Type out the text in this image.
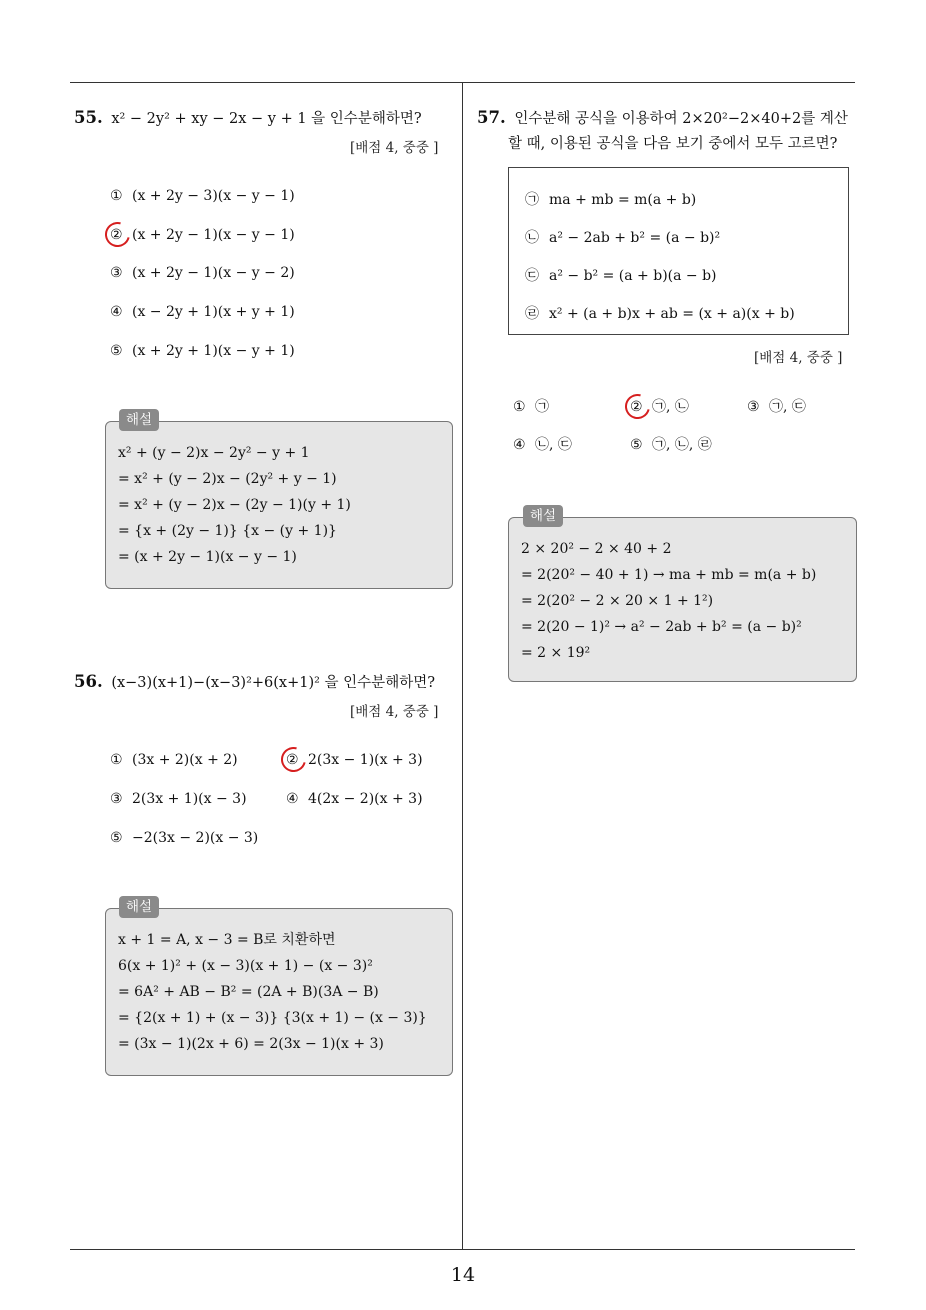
55. x² − 2y² + xy − 2x − y + 1 을 인수분해하면?
[배점 4, 중중 ]
① (x + 2y − 3)(x − y − 1)
② (x + 2y − 1)(x − y − 1)
③ (x + 2y − 1)(x − y − 2)
④ (x − 2y + 1)(x + y + 1)
⑤ (x + 2y + 1)(x − y + 1)
x² + (y − 2)x − 2y² − y + 1
= x² + (y − 2)x − (2y² + y − 1)
= x² + (y − 2)x − (2y − 1)(y + 1)
= {x + (2y − 1)} {x − (y + 1)}
= (x + 2y − 1)(x − y − 1)
해설
56. (x−3)(x+1)−(x−3)²+6(x+1)² 을 인수분해하면?
[배점 4, 중중 ]
① (3x + 2)(x + 2)	② 2(3x − 1)(x + 3)
③ 2(3x + 1)(x − 3)	④ 4(2x − 2)(x + 3)
⑤ −2(3x − 2)(x − 3)
x + 1 = A, x − 3 = B로 치환하면
6(x + 1)² + (x − 3)(x + 1) − (x − 3)²
= 6A² + AB − B² = (2A + B)(3A − B)
= {2(x + 1) + (x − 3)} {3(x + 1) − (x − 3)}
= (3x − 1)(2x + 6) = 2(3x − 1)(x + 3)
해설
57. 인수분해 공식을 이용하여 2×20²−2×40+2를 계산
할 때, 이용된 공식을 다음 보기 중에서 모두 고르면?
㉠ ma + mb = m(a + b)
㉡ a² − 2ab + b² = (a − b)²
㉢ a² − b² = (a + b)(a − b)
㉣ x² + (a + b)x + ab = (x + a)(x + b)
[배점 4, 중중 ]
① ㉠	② ㉠, ㉡	③ ㉠, ㉢
④ ㉡, ㉢	⑤ ㉠, ㉡, ㉣
2 × 20² − 2 × 40 + 2
= 2(20² − 40 + 1) → ma + mb = m(a + b)
= 2(20² − 2 × 20 × 1 + 1²)
= 2(20 − 1)² → a² − 2ab + b² = (a − b)²
= 2 × 19²
해설
14
